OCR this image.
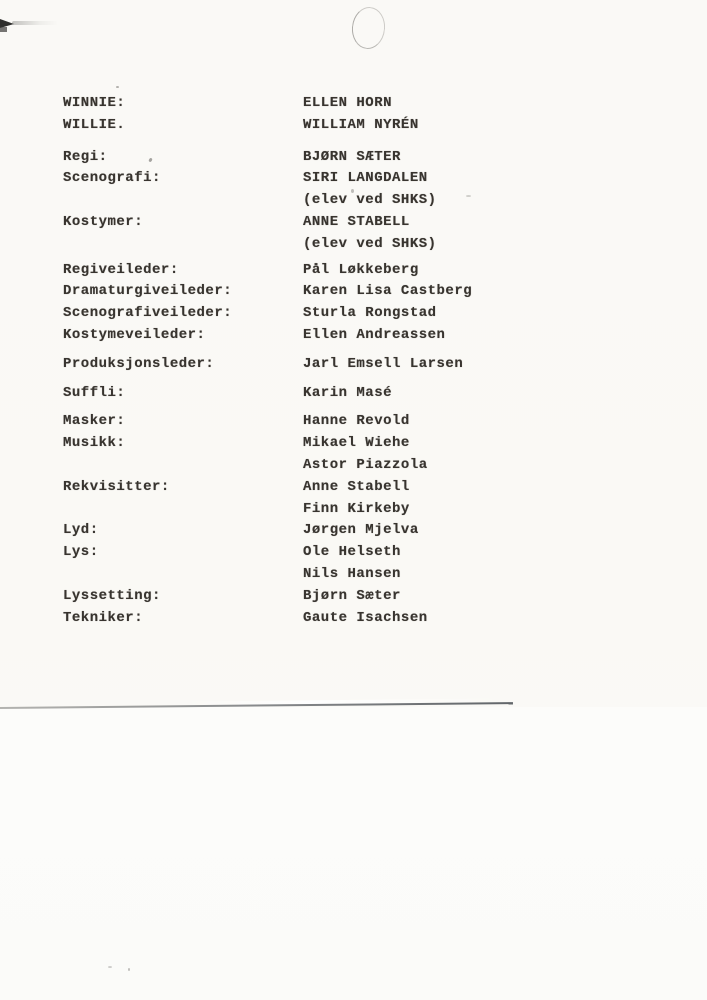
WINNIE:	ELLEN HORN
WILLIE.	WILLIAM NYRÉN
Regi:	BJØRN SÆTER
Scenografi:	SIRI LANGDALEN
(elev ved SHKS)
Kostymer:	ANNE STABELL
(elev ved SHKS)
Regiveileder:	Pål Løkkeberg
Dramaturgiveileder:	Karen Lisa Castberg
Scenografiveileder:	Sturla Rongstad
Kostymeveileder:	Ellen Andreassen
Produksjonsleder:	Jarl Emsell Larsen
Suffli:	Karin Masé
Masker:	Hanne Revold
Musikk:	Mikael Wiehe
Astor Piazzola
Rekvisitter:	Anne Stabell
Finn Kirkeby
Lyd:	Jørgen Mjelva
Lys:	Ole Helseth
Nils Hansen
Lyssetting:	Bjørn Sæter
Tekniker:	Gaute Isachsen
